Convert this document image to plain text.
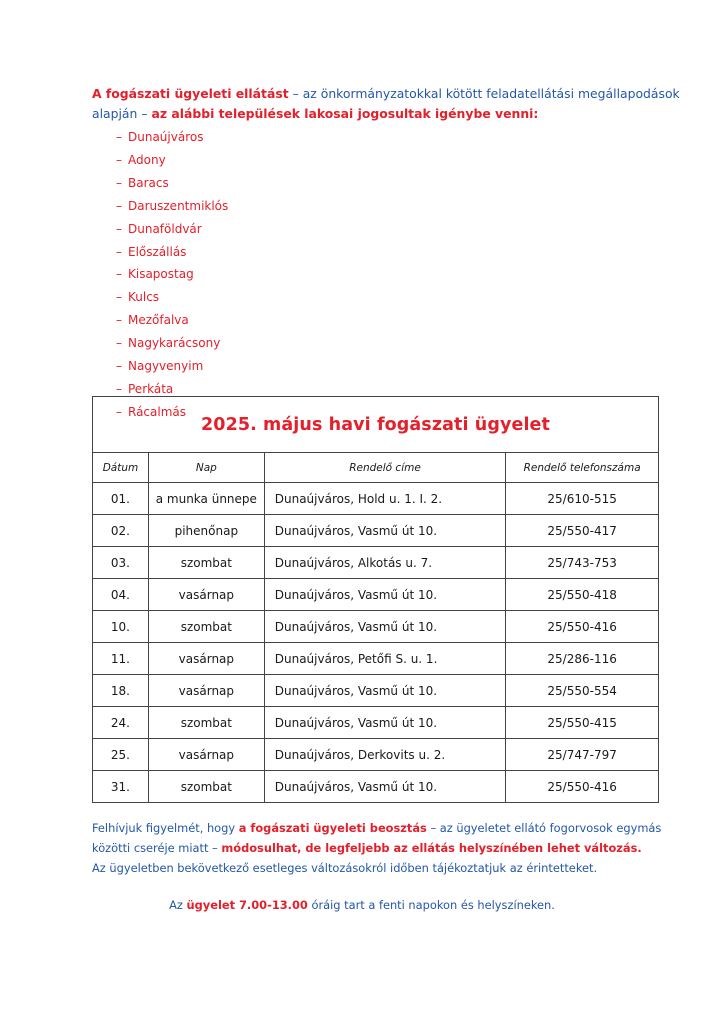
A fogászati ügyeleti ellátást – az önkormányzatokkal kötött feladatellátási megállapodások alapján – az alábbi települések lakosai jogosultak igénybe venni:

– Dunaújváros
– Adony
– Baracs
– Daruszentmiklós
– Dunaföldvár
– Előszállás
– Kisapostag
– Kulcs
– Mezőfalva
– Nagykarácsony
– Nagyvenyim
– Perkáta
– Rácalmás
2025. május havi fogászati ügyelet
Dátum	Nap	Rendelő címe	Rendelő telefonszáma
01.	a munka ünnepe	Dunaújváros, Hold u. 1. I. 2.	25/610-515
02.	pihenőnap	Dunaújváros, Vasmű út 10.	25/550-417
03.	szombat	Dunaújváros, Alkotás u. 7.	25/743-753
04.	vasárnap	Dunaújváros, Vasmű út 10.	25/550-418
10.	szombat	Dunaújváros, Vasmű út 10.	25/550-416
11.	vasárnap	Dunaújváros, Petőfi S. u. 1.	25/286-116
18.	vasárnap	Dunaújváros, Vasmű út 10.	25/550-554
24.	szombat	Dunaújváros, Vasmű út 10.	25/550-415
25.	vasárnap	Dunaújváros, Derkovits u. 2.	25/747-797
31.	szombat	Dunaújváros, Vasmű út 10.	25/550-416

Felhívjuk figyelmét, hogy a fogászati ügyeleti beosztás – az ügyeletet ellátó fogorvosok egymás közötti cseréje miatt – módosulhat, de legfeljebb az ellátás helyszínében lehet változás.
Az ügyeletben bekövetkező esetleges változásokról időben tájékoztatjuk az érintetteket.

Az ügyelet 7.00-13.00 óráig tart a fenti napokon és helyszíneken.
